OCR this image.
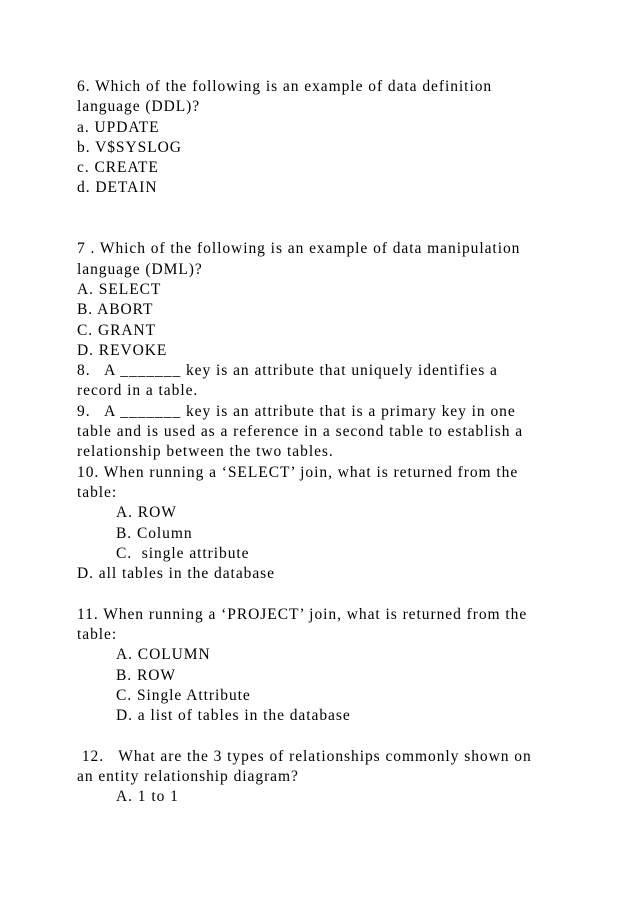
6. Which of the following is an example of data definition
language (DDL)?
a. UPDATE
b. V$SYSLOG
c. CREATE
d. DETAIN
7 . Which of the following is an example of data manipulation
language (DML)?
A. SELECT
B. ABORT
C. GRANT
D. REVOKE
8.   A _______ key is an attribute that uniquely identifies a
record in a table.
9.   A _______ key is an attribute that is a primary key in one
table and is used as a reference in a second table to establish a
relationship between the two tables.
10. When running a ‘SELECT’ join, what is returned from the
table:
A. ROW
B. Column
C.  single attribute
D. all tables in the database
11. When running a ‘PROJECT’ join, what is returned from the
table:
A. COLUMN
B. ROW
C. Single Attribute
D. a list of tables in the database
12.   What are the 3 types of relationships commonly shown on
an entity relationship diagram?
A. 1 to 1
